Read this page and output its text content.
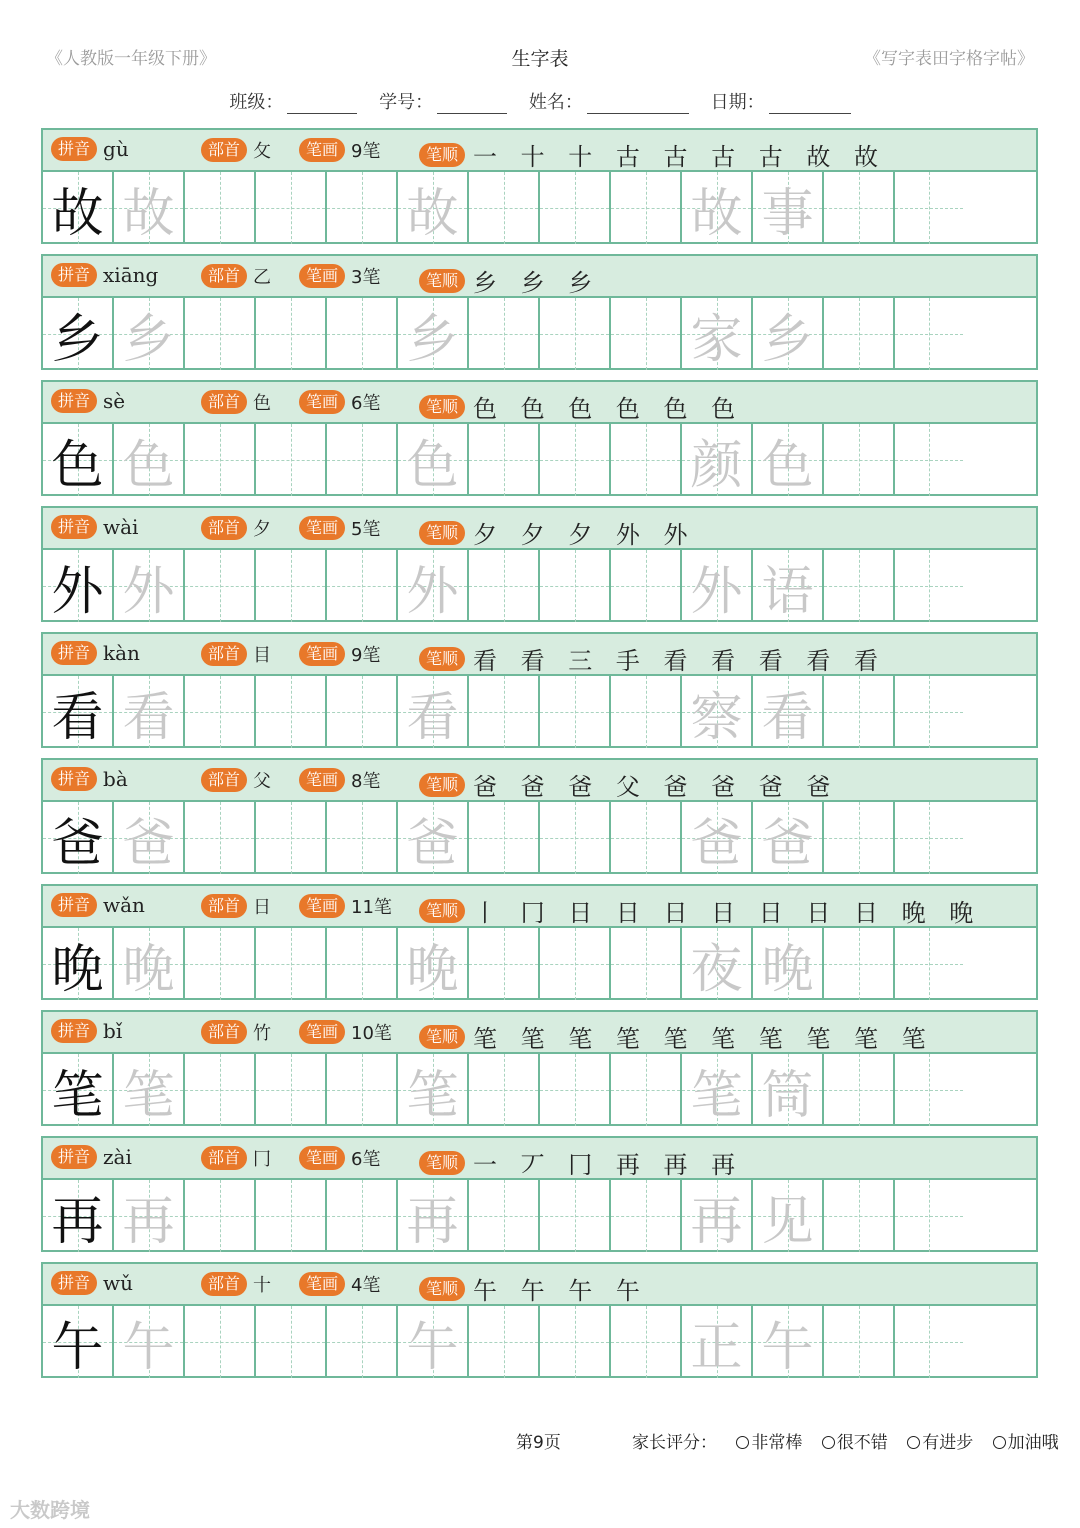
《人教版一年级下册》	生字表	《写字表田字格字帖》
班级：	学号：	姓名：	日期：
拼音 gù	部首 攵	笔画 9笔	笔顺 一 十 十 古 古 古 古 故 故
故 故	故	故 事
拼音 xiāng	部首 乙	笔画 3笔	笔顺 乡 乡 乡
乡 乡	乡	家 乡
拼音 sè	部首 色	笔画 6笔	笔顺 色 色 色 色 色 色
色 色	色	颜 色
拼音 wài	部首 夕	笔画 5笔	笔顺 夕 夕 夕 外 外
外 外	外	外 语
拼音 kàn	部首 目	笔画 9笔	笔顺 看 看 三 手 看 看 看 看 看
看 看	看	察 看
拼音 bà	部首 父	笔画 8笔	笔顺 爸 爸 爸 父 爸 爸 爸 爸
爸 爸	爸	爸 爸
拼音 wǎn	部首 日	笔画 11笔	笔顺 丨 冂 日 日 日 日 日 日 日 晚 晚
晚 晚	晚	夜 晚
拼音 bǐ	部首 竹	笔画 10笔	笔顺 笔 笔 笔 笔 笔 笔 笔 笔 笔 笔
笔 笔	笔	笔 筒
拼音 zài	部首 冂	笔画 6笔	笔顺 一 丆 冂 再 再 再
再 再	再	再 见
拼音 wǔ	部首 十	笔画 4笔	笔顺 午 午 午 午
午 午	午	正 午
第9页	家长评分： 非常棒 很不错 有进步 加油哦
大数跨境
